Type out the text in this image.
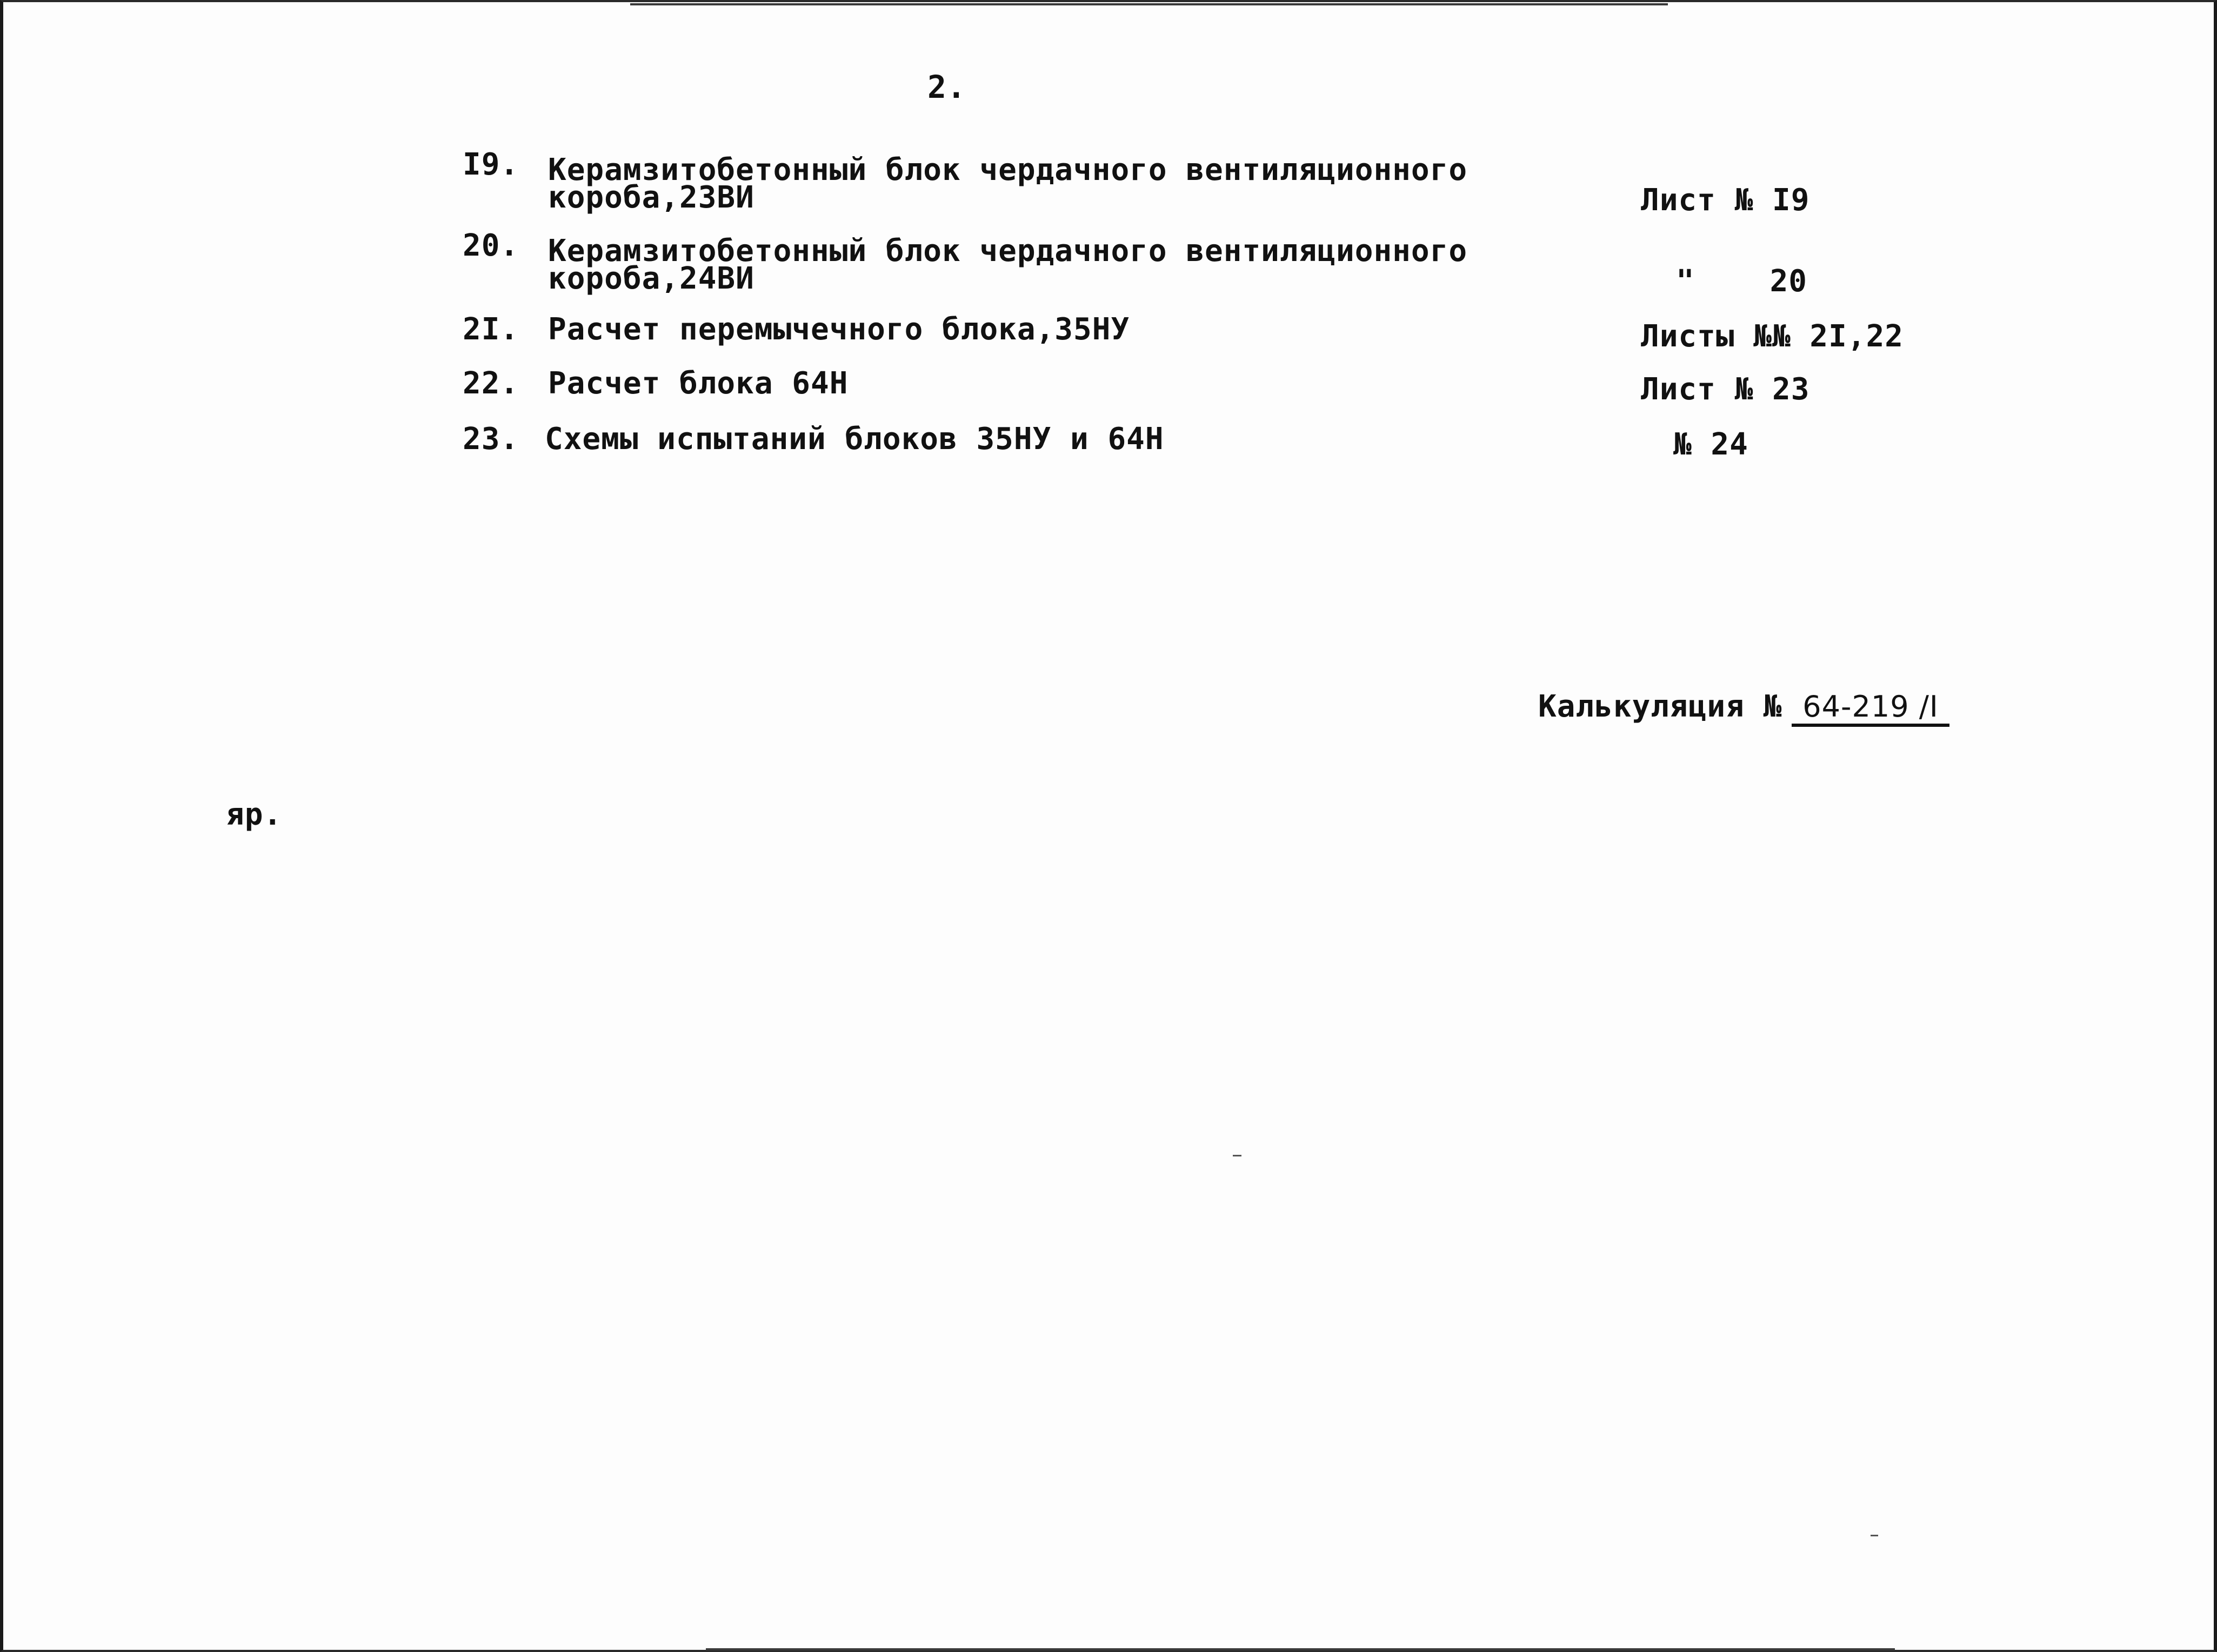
2.
I9. Керамзитобетонный блок чердачного вентиляционного
короба,23ВИ	Лист № I9
20. Керамзитобетонный блок чердачного вентиляционного
короба,24ВИ	"    20
2I. Расчет перемычечного блока,35НУ	Листы №№ 2I,22
22. Расчет блока 64Н	Лист № 23
23. Схемы испытаний блоков 35НУ и 64Н	№ 24
Калькуляция № 64-219 /I
яр.
